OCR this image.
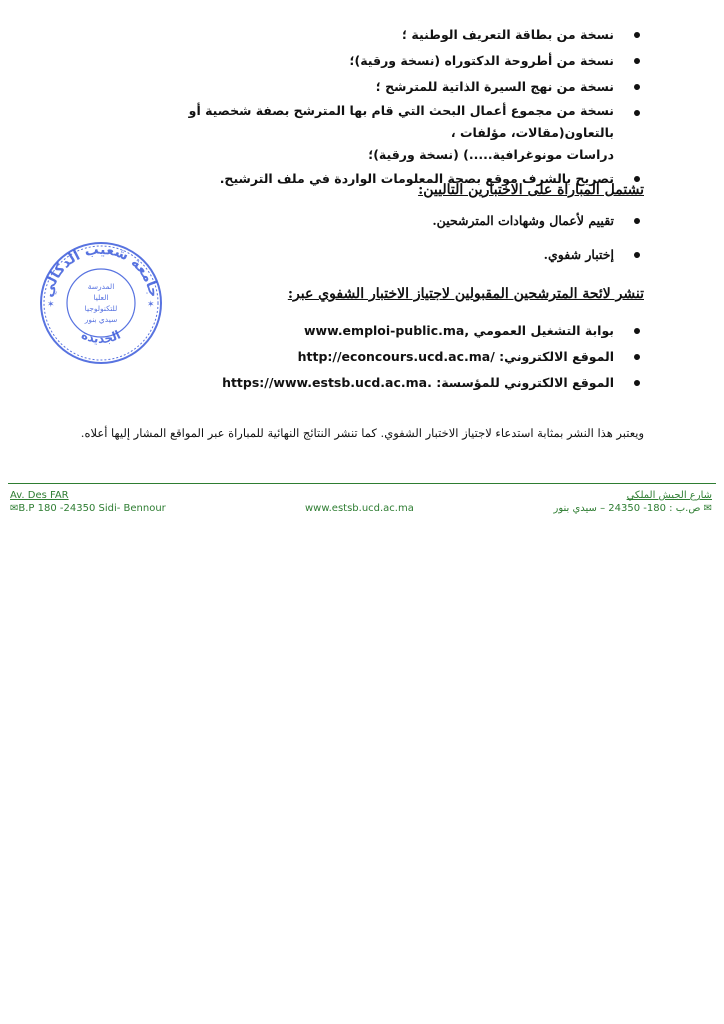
نسخة من بطاقة التعريف الوطنية ؛
نسخة من أطروحة الدكتوراه (نسخة ورقية)؛
نسخة من نهج السيرة الذاتية للمترشح ؛
نسخة من مجموع أعمال البحث التي قام بها المترشح بصفة شخصية أو بالتعاون(مقالات، مؤلفات ،
دراسات مونوغرافية.....) (نسخة ورقية)؛
تصريح بالشرف موقع بصحة المعلومات الواردة في ملف الترشيح.
تشتمل المباراة على الاختبارين التاليين:
تقييم لأعمال وشهادات المترشحين.
إختبار شفوي.
تنشر لائحة المترشحين المقبولين لاجتياز الاختبار الشفوي عبر:
بوابة التشغيل العمومي www.emploi-public.ma,
الموقع الالكتروني: http://econcours.ucd.ac.ma/
الموقع الالكتروني للمؤسسة: https://www.estsb.ucd.ac.ma.
ويعتبر هذا النشر بمثابة استدعاء لاجتياز الاختبار الشفوي. كما تنشر النتائج النهائية للمباراة عبر المواقع المشار إليها أعلاه.
جامعة شعيب الدكالي
الجديدة
المدرسة
العليا
للتكنولوجيا
سيدي بنور
✶	✶
Av. Des FAR
✉B.P 180 -24350 Sidi- Bennour	www.estsb.ucd.ac.ma
شارع الجيش الملكي
✉ ص.ب : 180- 24350 – سيدي بنور
